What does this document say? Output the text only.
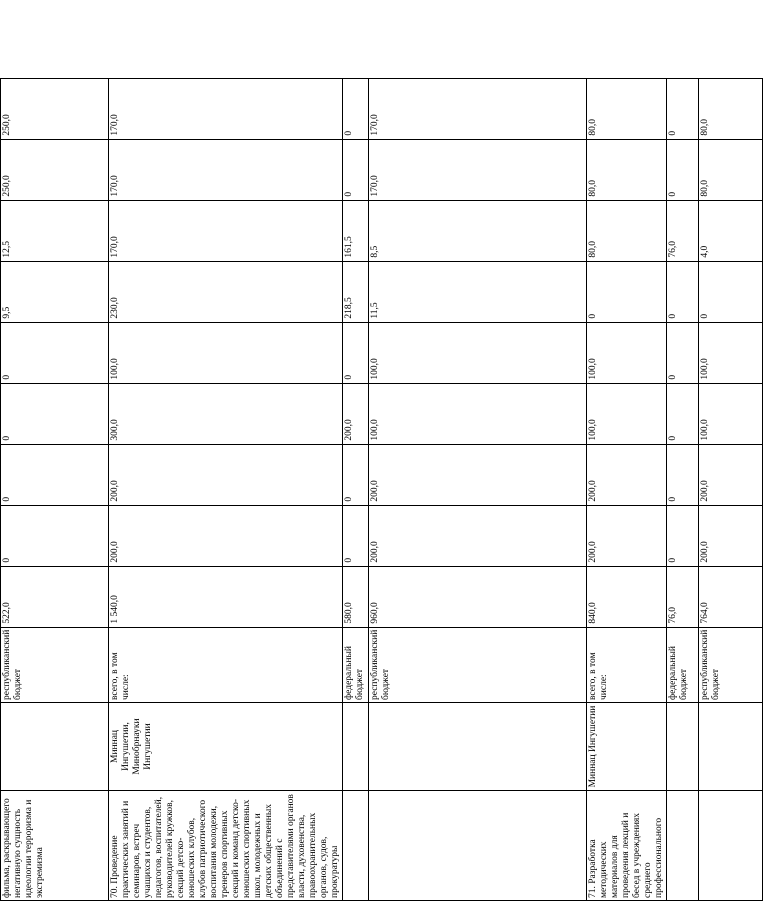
фильма, раскрывающего негативную сущность идеологии терроризма и экстремизма		республиканский бюджет	522,0	0	0	0	0	9,5	12,5	250,0	250,0
70. Проведение практических занятий и семинаров, встреч учащихся и студентов, педагогов, воспитателей, руководителей кружков, секций детско-юношеских клубов, клубов патриотического воспитания молодежи, тренеров спортивных секций и команд детско-юношеских спортивных школ, молодежных и детских общественных объединений с представителями органов власти, духовенства, правоохранительных органов, судов, прокуратуры	Миннац Ингушетии, Минобрнауки Ингушетии	всего, в том числе:	1 540,0	200,0	200,0	300,0	100,0	230,0	170,0	170,0	170,0
		федеральный бюджет	580,0	0	0	200,0	0	218,5	161,5	0	0
		республиканский бюджет	960,0	200,0	200,0	100,0	100,0	11,5	8,5	170,0	170,0
71. Разработка методических материалов для проведения лекций и бесед в учреждениях среднего профессионального	Миннац Ингушетии	всего, в том числе:	840,0	200,0	200,0	100,0	100,0	0	80,0	80,0	80,0
		федеральный бюджет	76,0	0	0	0	0	0	76,0	0	0
		республиканский бюджет	764,0	200,0	200,0	100,0	100,0	0	4,0	80,0	80,0
